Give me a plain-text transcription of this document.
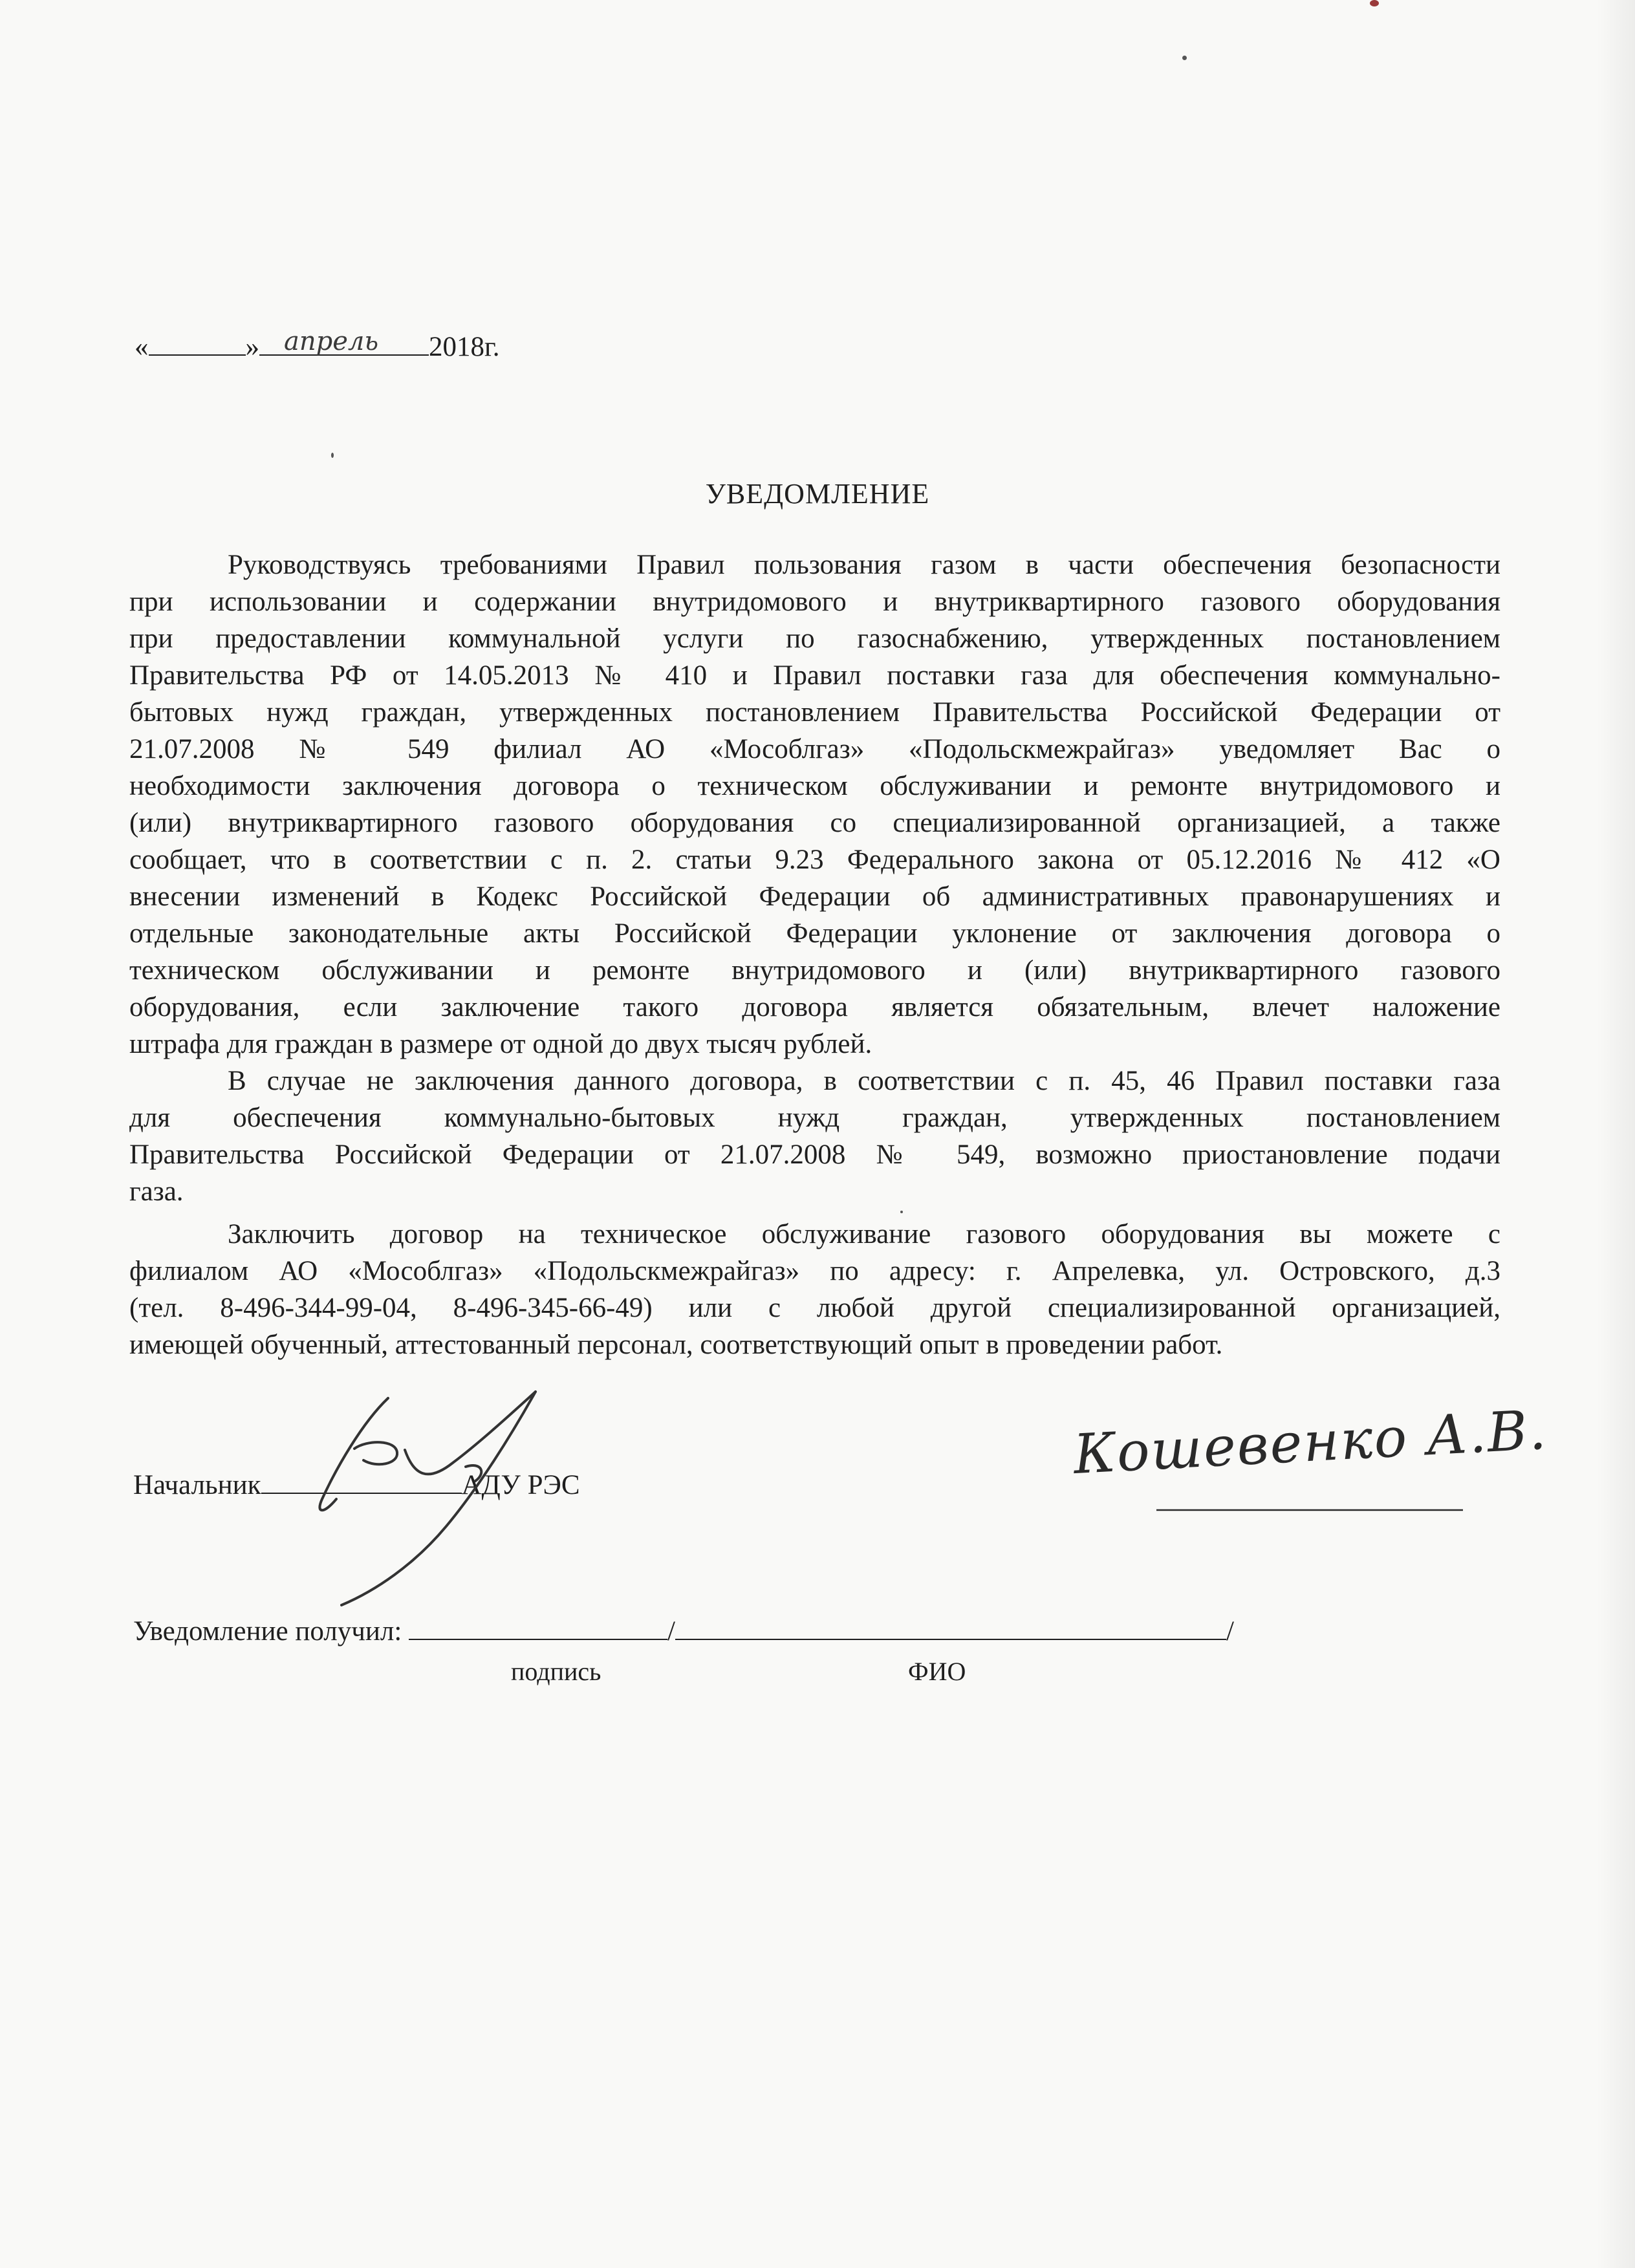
«	» апрель 2018г.
УВЕДОМЛЕНИЕ
Руководствуясь требованиями Правил пользования газом в части обеспечения безопасности
при использовании и содержании внутридомового и внутриквартирного газового оборудования
при предоставлении коммунальной услуги по газоснабжению, утвержденных постановлением
Правительства РФ от 14.05.2013 № 410 и Правил поставки газа для обеспечения коммунально-
бытовых нужд граждан, утвержденных постановлением Правительства Российской Федерации от
21.07.2008 № 549 филиал АО «Мособлгаз» «Подольскмежрайгаз» уведомляет Вас о
необходимости заключения договора о техническом обслуживании и ремонте внутридомового и
(или) внутриквартирного газового оборудования со специализированной организацией, а также
сообщает, что в соответствии с п. 2. статьи 9.23 Федерального закона от 05.12.2016 № 412 «О
внесении изменений в Кодекс Российской Федерации об административных правонарушениях и
отдельные законодательные акты Российской Федерации уклонение от заключения договора о
техническом обслуживании и ремонте внутридомового и (или) внутриквартирного газового
оборудования, если заключение такого договора является обязательным, влечет наложение
штрафа для граждан в размере от одной до двух тысяч рублей.
В случае не заключения данного договора, в соответствии с п. 45, 46 Правил поставки газа
для обеспечения коммунально-бытовых нужд граждан, утвержденных постановлением
Правительства Российской Федерации от 21.07.2008 № 549, возможно приостановление подачи
газа.
Заключить договор на техническое обслуживание газового оборудования вы можете с
филиалом АО «Мособлгаз» «Подольскмежрайгаз» по адресу: г. Апрелевка, ул. Островского, д.3
(тел. 8-496-344-99-04, 8-496-345-66-49) или с любой другой специализированной организацией,
имеющей обученный, аттестованный персонал, соответствующий опыт в проведении работ.
Начальник	АДУ РЭС	Кошевенко А.В.
Уведомление получил:	/	/
подпись	ФИО
